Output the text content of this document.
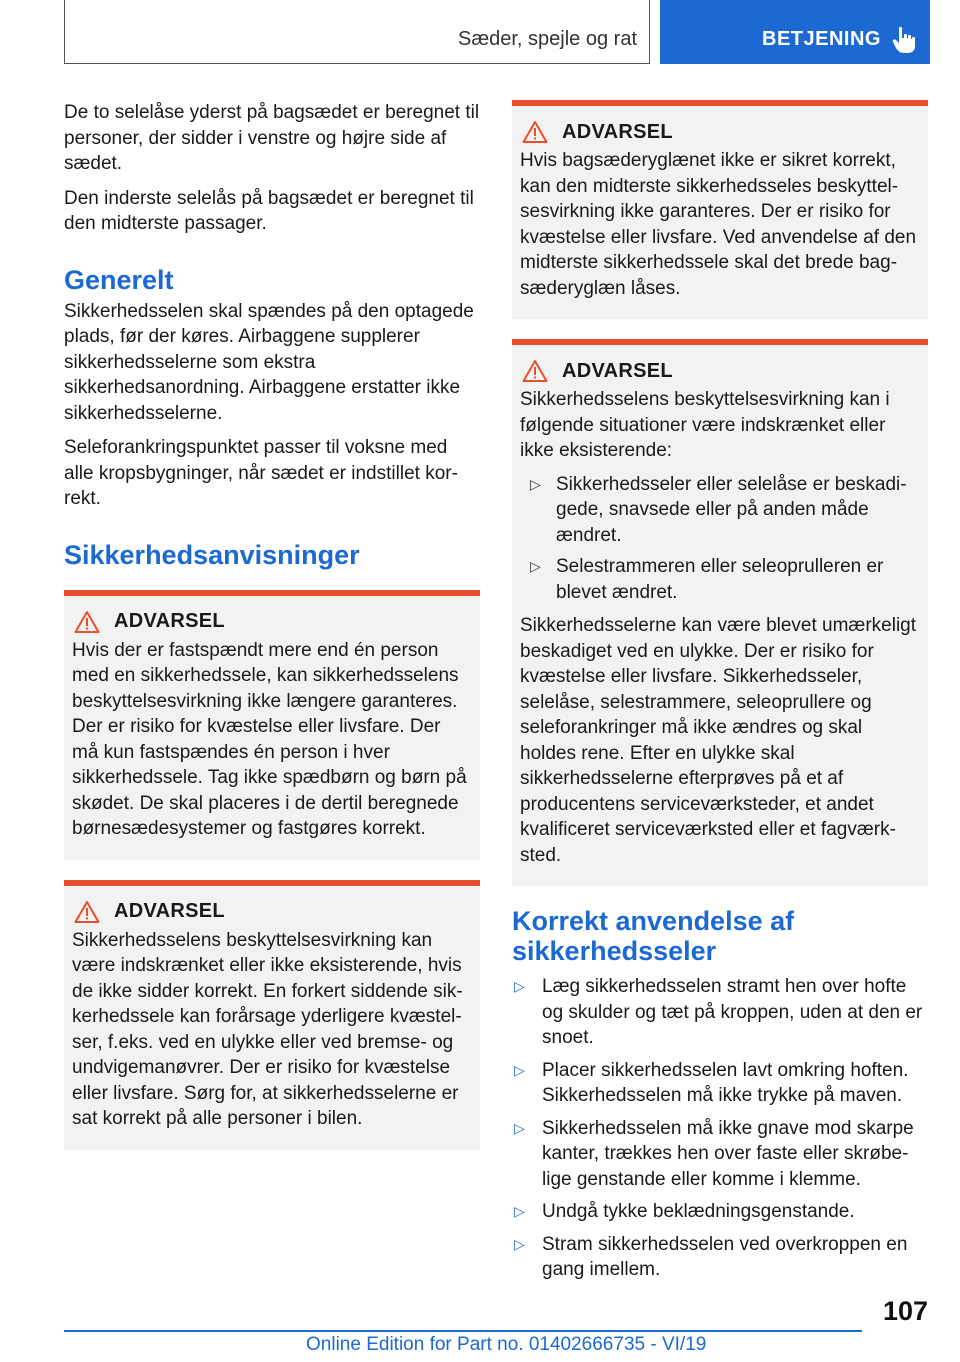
Sæder, spejle og rat	BETJENING

De to selelåse yderst på bagsædet er beregnet til personer, der sidder i venstre og højre side af sædet.

Den inderste selelås på bagsædet er beregnet til den midterste passager.

Generelt

Sikkerhedsselen skal spændes på den optagede plads, før der køres. Airbaggene supplerer sikkerhedsselerne som ekstra sikkerhedsanordning. Airbaggene erstatter ikke sikkerhedsselerne.

Seleforankringspunktet passer til voksne med alle kropsbygninger, når sædet er indstillet korrekt.

Sikkerhedsanvisninger
ADVARSEL

Hvis der er fastspændt mere end én person med en sikkerhedssele, kan sikkerhedsselens beskyttelsesvirkning ikke længere garanteres. Der er risiko for kvæstelse eller livsfare. Der må kun fastspændes én person i hver sikkerhedssele. Tag ikke spædbørn og børn på skødet. De skal placeres i de dertil beregnede børnesædesystemer og fastgøres korrekt.

ADVARSEL

Sikkerhedsselens beskyttelsesvirkning kan være indskrænket eller ikke eksisterende, hvis de ikke sidder korrekt. En forkert siddende sikkerhedssele kan forårsage yderligere kvæstelser, f.eks. ved en ulykke eller ved bremse- og undvigemanøvrer. Der er risiko for kvæstelse eller livsfare. Sørg for, at sikkerhedsselerne er sat korrekt på alle personer i bilen.

ADVARSEL

Hvis bagsæderyglænet ikke er sikret korrekt, kan den midterste sikkerhedsseles beskyttelsesvirkning ikke garanteres. Der er risiko for kvæstelse eller livsfare. Ved anvendelse af den midterste sikkerhedssele skal det brede bagsæderyglæn låses.

ADVARSEL

Sikkerhedsselens beskyttelsesvirkning kan i følgende situationer være indskrænket eller ikke eksisterende:

▷ Sikkerhedsseler eller selelåse er beskadigede, snavsede eller på anden måde ændret.
▷ Selestrammeren eller seleoprulleren er blevet ændret.

Sikkerhedsselerne kan være blevet umærkeligt beskadiget ved en ulykke. Der er risiko for kvæstelse eller livsfare. Sikkerhedsseler, selelåse, selestrammere, seleoprullere og seleforankringer må ikke ændres og skal holdes rene. Efter en ulykke skal sikkerhedsselerne efterprøves på et af producentens serviceværksteder, et andet kvalificeret serviceværksted eller et fagværksted.

Korrekt anvendelse af sikkerhedsseler
▷ Læg sikkerhedsselen stramt hen over hofte og skulder og tæt på kroppen, uden at den er snoet.
▷ Placer sikkerhedsselen lavt omkring hoften. Sikkerhedsselen må ikke trykke på maven.
▷ Sikkerhedsselen må ikke gnave mod skarpe kanter, trækkes hen over faste eller skrøbelige genstande eller komme i klemme.
▷ Undgå tykke beklædningsgenstande.
▷ Stram sikkerhedsselen ved overkroppen en gang imellem.
107
Online Edition for Part no. 01402666735 - VI/19
